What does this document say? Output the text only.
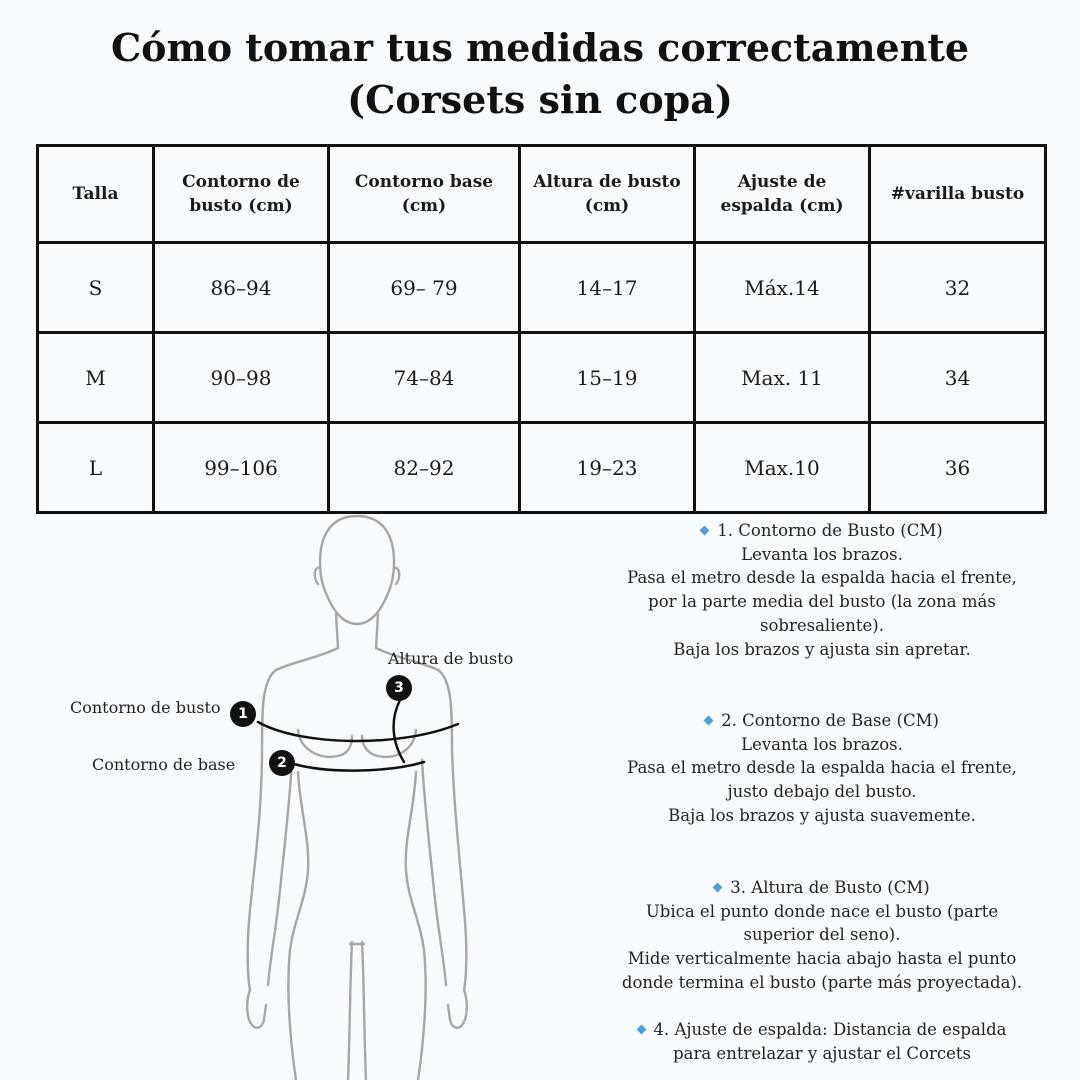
Cómo tomar tus medidas correctamente
(Corsets sin copa)
Talla	Contorno de busto (cm)	Contorno base (cm)	Altura de busto (cm)	Ajuste de espalda (cm)	#varilla busto
S	86–94	69– 79	14–17	Máx.14	32
M	90–98	74–84	15–19	Max. 11	34
L	99–106	82–92	19–23	Max.10	36
Contorno de busto
Contorno de base
Altura de busto
1
2
3
1. Contorno de Busto (CM)
Levanta los brazos.
Pasa el metro desde la espalda hacia el frente,
por la parte media del busto (la zona más
sobresaliente).
Baja los brazos y ajusta sin apretar.
2. Contorno de Base (CM)
Levanta los brazos.
Pasa el metro desde la espalda hacia el frente,
justo debajo del busto.
Baja los brazos y ajusta suavemente.
3. Altura de Busto (CM)
Ubica el punto donde nace el busto (parte
superior del seno).
Mide verticalmente hacia abajo hasta el punto
donde termina el busto (parte más proyectada).
4. Ajuste de espalda: Distancia de espalda
para entrelazar y ajustar el Corcets
